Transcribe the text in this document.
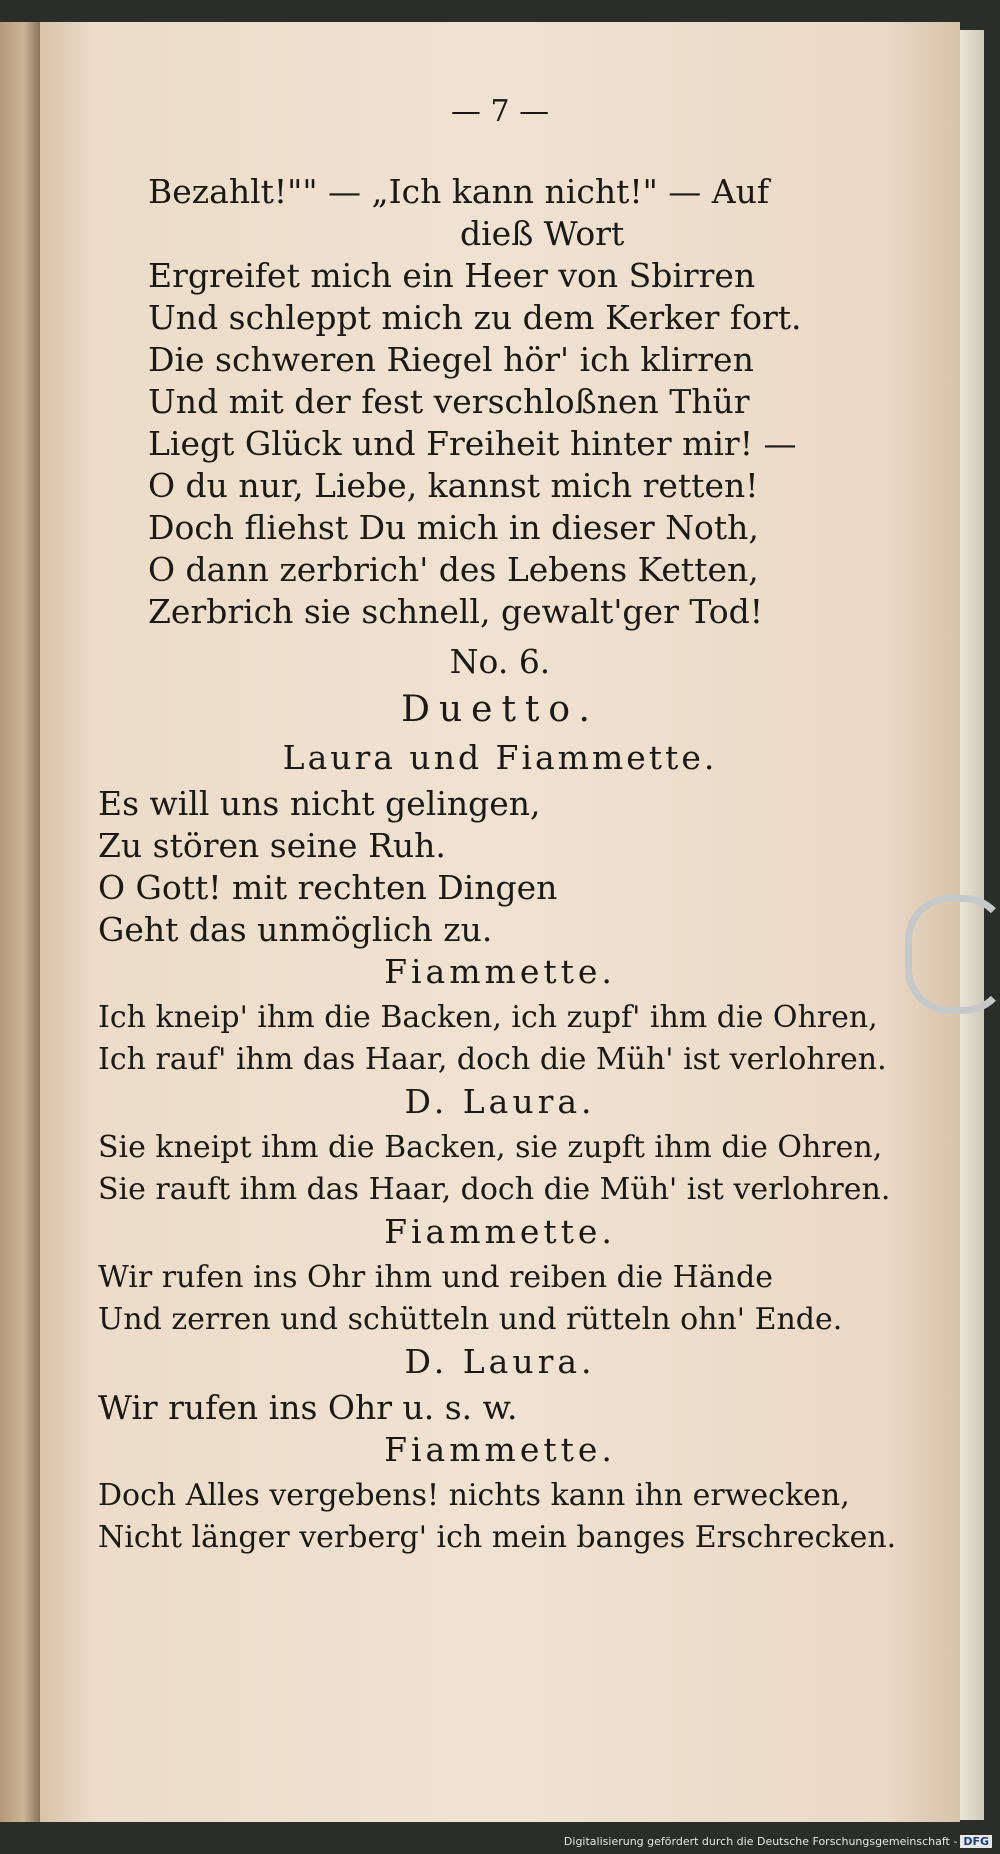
— 7 —
Bezahlt!"" — „Ich kann nicht!" — Auf
dieß Wort
Ergreifet mich ein Heer von Sbirren
Und schleppt mich zu dem Kerker fort.
Die schweren Riegel hör' ich klirren
Und mit der fest verschloßnen Thür
Liegt Glück und Freiheit hinter mir! —
O du nur, Liebe, kannst mich retten!
Doch fliehst Du mich in dieser Noth,
O dann zerbrich' des Lebens Ketten,
Zerbrich sie schnell, gewalt'ger Tod!
No. 6.
Duetto.
Laura und Fiammette.
Es will uns nicht gelingen,
Zu stören seine Ruh.
O Gott! mit rechten Dingen
Geht das unmöglich zu.
Fiammette.
Ich kneip' ihm die Backen, ich zupf' ihm die Ohren,
Ich rauf' ihm das Haar, doch die Müh' ist verlohren.
D. Laura.
Sie kneipt ihm die Backen, sie zupft ihm die Ohren,
Sie rauft ihm das Haar, doch die Müh' ist verlohren.
Fiammette.
Wir rufen ins Ohr ihm und reiben die Hände
Und zerren und schütteln und rütteln ohn' Ende.
D. Laura.
Wir rufen ins Ohr u. s. w.
Fiammette.
Doch Alles vergebens! nichts kann ihn erwecken,
Nicht länger verberg' ich mein banges Erschrecken.
Digitalisierung gefördert durch die Deutsche Forschungsgemeinschaft - DFG
